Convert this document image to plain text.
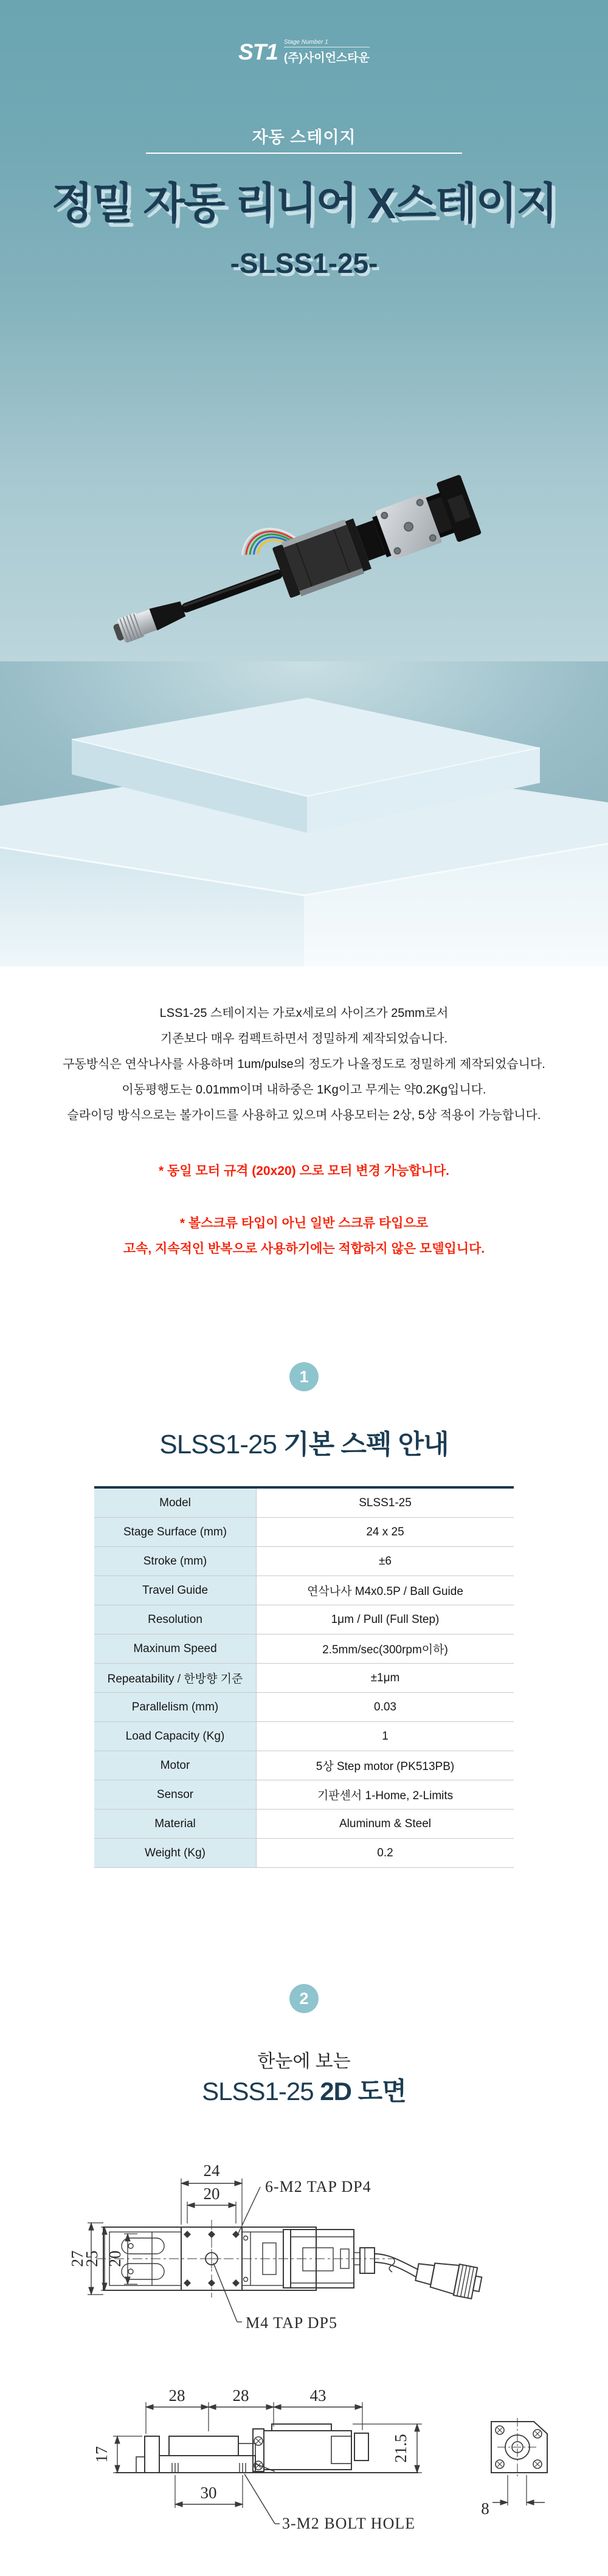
ST1 Stage Number 1
(주)사이언스타운
자동 스테이지
정밀 자동 리니어 X스테이지
-SLSS1-25-
LSS1-25 스테이지는 가로x세로의 사이즈가 25mm로서
기존보다 매우 컴펙트하면서 정밀하게 제작되었습니다.
구동방식은 연삭나사를 사용하며 1um/pulse의 정도가 나올정도로 정밀하게 제작되었습니다.
이동평행도는 0.01mm이며 내하중은 1Kg이고 무게는 약0.2Kg입니다.
슬라이딩 방식으로는 볼가이드를 사용하고 있으며 사용모터는 2상, 5상 적용이 가능합니다.
* 동일 모터 규격 (20x20) 으로 모터 변경 가능합니다.
* 볼스크류 타입이 아닌 일반 스크류 타입으로
고속, 지속적인 반복으로 사용하기에는 적합하지 않은 모델입니다.
1
SLSS1-25 기본 스펙 안내
Model	SLSS1-25
Stage Surface (mm)	24 x 25
Stroke (mm)	±6
Travel Guide	연삭나사 M4x0.5P / Ball Guide
Resolution	1μm / Pull (Full Step)
Maxinum Speed	2.5mm/sec(300rpm이하)
Repeatability / 한방향 기준	±1μm
Parallelism (mm)	0.03
Load Capacity (Kg)	1
Motor	5상 Step motor (PK513PB)
Sensor	기판센서 1-Home, 2-Limits
Material	Aluminum & Steel
Weight (Kg)	0.2
2
한눈에 보는
SLSS1-25 2D 도면
24
20
27
25 20
6-M2 TAP DP4
M4 TAP DP5
28	28	43
17	21.5
30
8
3-M2 BOLT HOLE
